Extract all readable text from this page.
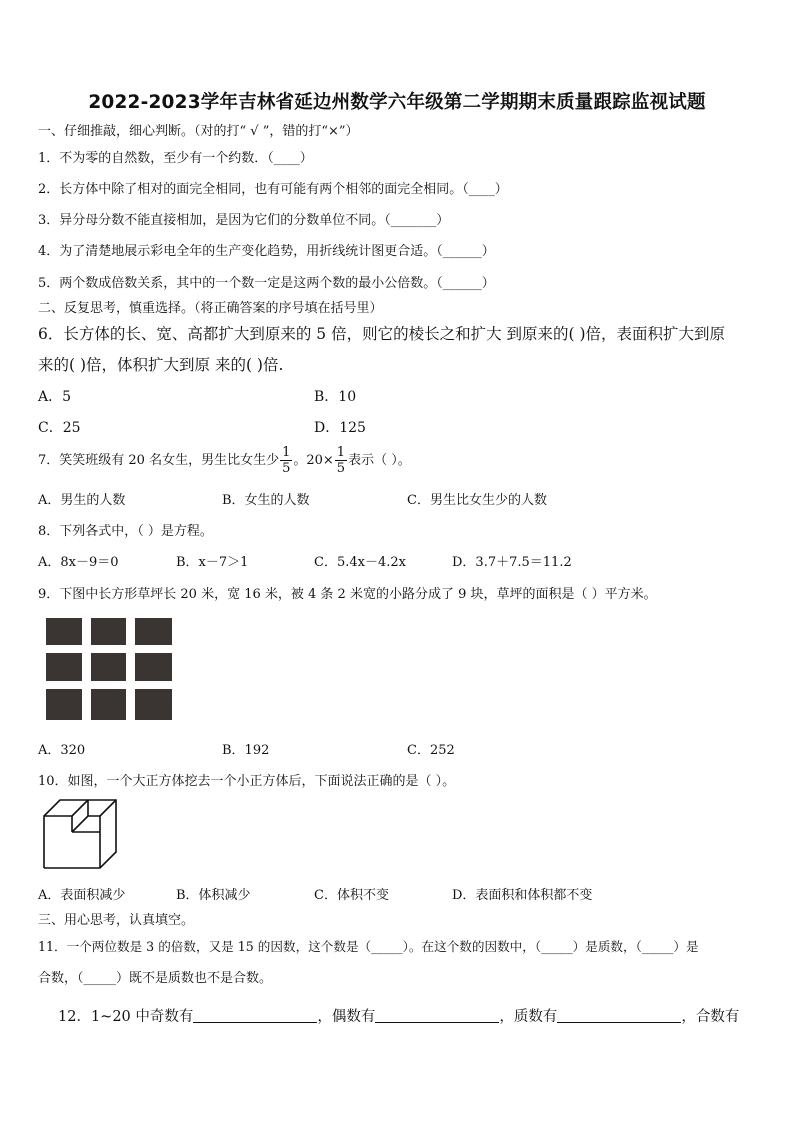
2022-2023学年吉林省延边州数学六年级第二学期期末质量跟踪监视试题
一、仔细推敲，细心判断。（对的打“ √ ”，错的打“×”）
1．不为零的自然数，至少有一个约数．（____）
2．长方体中除了相对的面完全相同，也有可能有两个相邻的面完全相同。（____）
3．异分母分数不能直接相加，是因为它们的分数单位不同。（_______）
4．为了清楚地展示彩电全年的生产变化趋势，用折线统计图更合适。（______）
5．两个数成倍数关系，其中的一个数一定是这两个数的最小公倍数。（______）
二、反复思考，慎重选择。（将正确答案的序号填在括号里）
6．长方体的长、宽、高都扩大到原来的 5 倍，则它的棱长之和扩大 到原来的( )倍，表面积扩大到原
来的( )倍，体积扩大到原 来的( )倍.
A．5	B．10
C．25	D．125
7．笑笑班级有 20 名女生，男生比女生少 $\frac{1}{5}$ 。$20\times \frac{1}{5}$ 表示（ ）。
A．男生的人数	B．女生的人数	C．男生比女生少的人数
8．下列各式中，（ ）是方程。
A．8x－9＝0	B．x－7＞1	C．5.4x－4.2x	D．3.7＋7.5＝11.2
9．下图中长方形草坪长 20 米，宽 16 米，被 4 条 2 米宽的小路分成了 9 块，草坪的面积是（ ）平方米。
A．320	B．192	C．252
10．如图，一个大正方体挖去一个小正方体后，下面说法正确的是（ ）。
A．表面积减少	B．体积减少	C．体积不变	D．表面积和体积都不变
三、用心思考，认真填空。
11．一个两位数是 3 的倍数，又是 15 的因数，这个数是（_____）。在这个数的因数中，（_____）是质数，（_____）是
合数，（_____）既不是质数也不是合数。
12．1~20 中奇数有	，偶数有	，质数有	，合数有
